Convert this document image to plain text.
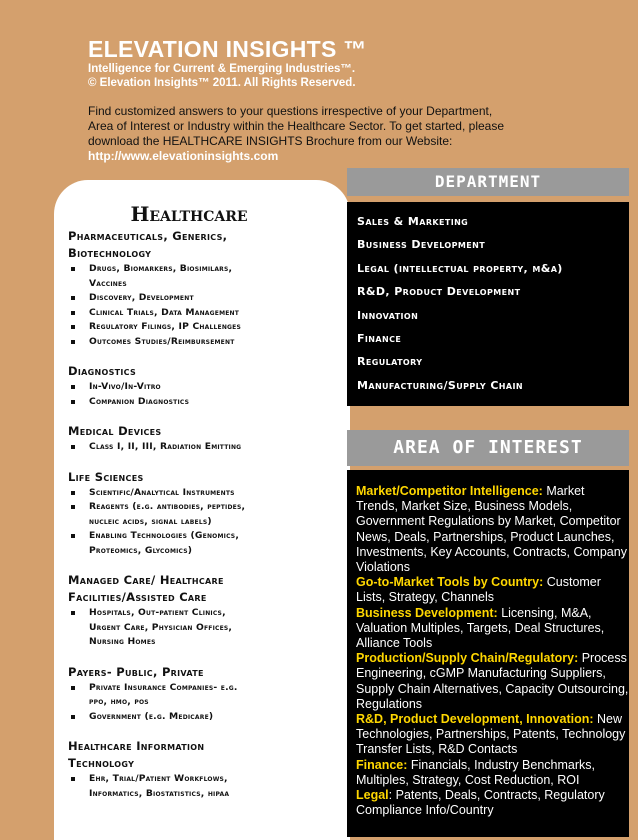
ELEVATION INSIGHTS ™
Intelligence for Current & Emerging Industries™.
© Elevation Insights™ 2011. All Rights Reserved.
Find customized answers to your questions irrespective of your Department,
Area of Interest or Industry within the Healthcare Sector. To get started, please
download the HEALTHCARE INSIGHTS Brochure from our Website:
http://www.elevationinsights.com
Healthcare
Pharmaceuticals, Generics,
Biotechnology
Drugs, Biomarkers, Biosimilars,
Vaccines
Discovery, Development
Clinical Trials, Data Management
Regulatory Filings, IP Challenges
Outcomes Studies/Reimbursement
Diagnostics
In-Vivo/In-Vitro
Companion Diagnostics
Medical Devices
Class I, II, III, Radiation Emitting
Life Sciences
Scientific/Analytical Instruments
Reagents (e.g. antibodies, peptides,
nucleic acids, signal labels)
Enabling Technologies (Genomics,
Proteomics, Glycomics)
Managed Care/ Healthcare
Facilities/Assisted Care
Hospitals, Out-patient Clinics,
Urgent Care, Physician Offices,
Nursing Homes
Payers- Public, Private
Private Insurance Companies- e.g.
ppo, hmo, pos
Government (e.g. Medicare)
Healthcare Information
Technology
Ehr, Trial/Patient Workflows,
Informatics, Biostatistics, hipaa
DEPARTMENT
Sales & Marketing
Business Development
Legal (intellectual property, m&a)
R&D, Product Development
Innovation
Finance
Regulatory
Manufacturing/Supply Chain
AREA OF INTEREST
Market/Competitor Intelligence: Market Trends, Market Size, Business Models, Government Regulations by Market, Competitor News, Deals, Partnerships, Product Launches, Investments, Key Accounts, Contracts, Company Violations
Go-to-Market Tools by Country: Customer Lists, Strategy, Channels
Business Development: Licensing, M&A, Valuation Multiples, Targets, Deal Structures, Alliance Tools
Production/Supply Chain/Regulatory: Process Engineering, cGMP Manufacturing Suppliers, Supply Chain Alternatives, Capacity Outsourcing, Regulations
R&D, Product Development, Innovation: New Technologies, Partnerships, Patents, Technology Transfer Lists, R&D Contacts
Finance: Financials, Industry Benchmarks, Multiples, Strategy, Cost Reduction, ROI
Legal: Patents, Deals, Contracts, Regulatory Compliance Info/Country
